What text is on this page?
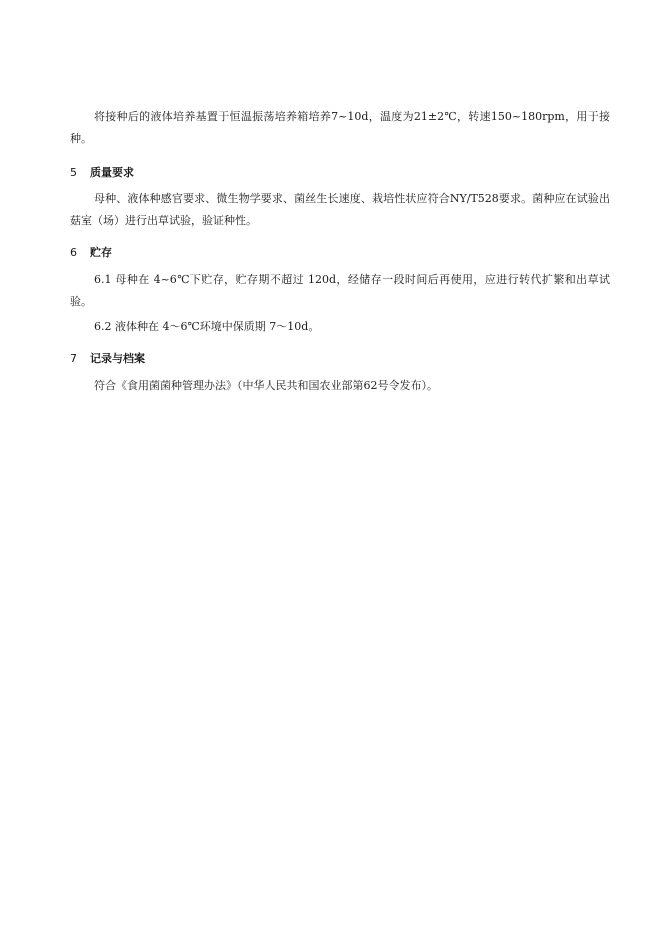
将接种后的液体培养基置于恒温振荡培养箱培养7~10d，温度为21±2℃，转速150~180rpm，用于接种。

5 质量要求

母种、液体种感官要求、微生物学要求、菌丝生长速度、栽培性状应符合NY/T528要求。菌种应在试验出菇室（场）进行出草试验，验证种性。

6 贮存

6.1 母种在 4~6℃下贮存，贮存期不超过 120d，经储存一段时间后再使用，应进行转代扩繁和出草试验。

6.2 液体种在 4～6℃环境中保质期 7～10d。

7 记录与档案

符合《食用菌菌种管理办法》（中华人民共和国农业部第62号令发布）。
